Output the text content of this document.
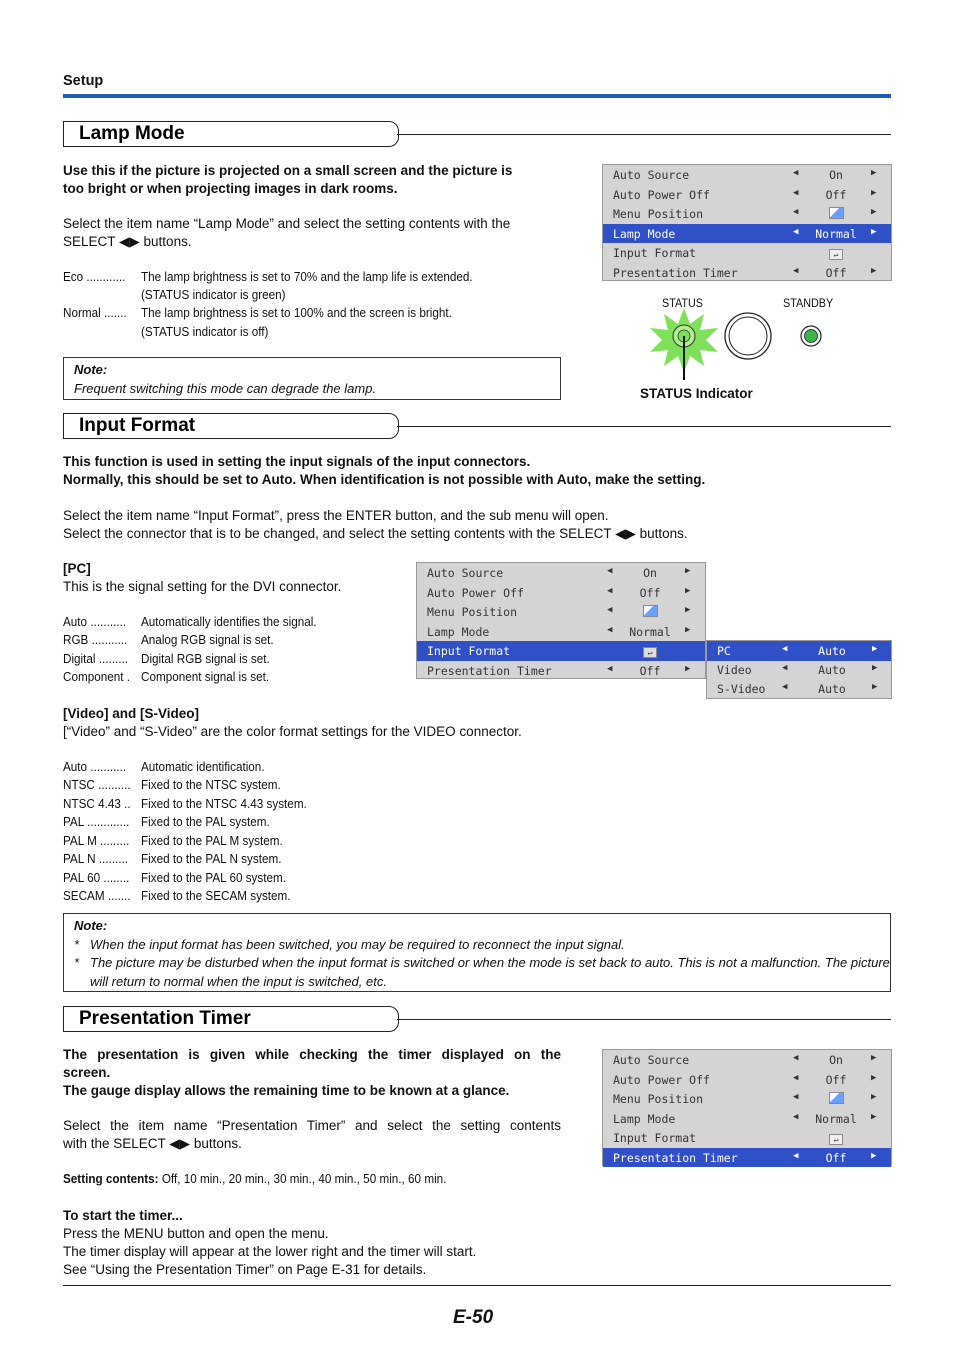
Setup
Lamp Mode
Use this if the picture is projected on a small screen and the picture is
too bright or when projecting images in dark rooms.
Select the item name “Lamp Mode” and select the setting contents with the
SELECT ◀▶ buttons.
Eco ............ The lamp brightness is set to 70% and the lamp life is extended.
(STATUS indicator is green)
Normal ....... The lamp brightness is set to 100% and the screen is bright.
(STATUS indicator is off)
Note:
Frequent switching this mode can degrade the lamp.
Auto Source	◀	On	▶
Auto Power Off	◀	Off	▶
Menu Position	◀	▶
Lamp Mode	◀	Normal	▶
Input Format	↵
Presentation Timer	◀	Off	▶
STATUS	STANDBY
STATUS Indicator
Input Format
This function is used in setting the input signals of the input connectors.
Normally, this should be set to Auto. When identification is not possible with Auto, make the setting.
Select the item name “Input Format”, press the ENTER button, and the sub menu will open.
Select the connector that is to be changed, and select the setting contents with the SELECT ◀▶ buttons.
[PC]
This is the signal setting for the DVI connector.
Auto ........... Automatically identifies the signal.
RGB ........... Analog RGB signal is set.
Digital ......... Digital RGB signal is set.
Component . Component signal is set.
Auto Source	◀	On	▶
Auto Power Off	◀	Off	▶
Menu Position	◀	▶
Lamp Mode	◀	Normal	▶
Input Format	↵
Presentation Timer	◀	Off	▶
PC	◀	Auto	▶
Video	◀	Auto	▶
S-Video ◀	Auto	▶
[Video] and [S-Video]
[“Video” and “S-Video” are the color format settings for the VIDEO connector.
Auto ........... Automatic identification.
NTSC .......... Fixed to the NTSC system.
NTSC 4.43 .. Fixed to the NTSC 4.43 system.
PAL ............. Fixed to the PAL system.
PAL M ......... Fixed to the PAL M system.
PAL N ......... Fixed to the PAL N system.
PAL 60 ........ Fixed to the PAL 60 system.
SECAM ....... Fixed to the SECAM system.
Note:
* When the input format has been switched, you may be required to reconnect the input signal.
* The picture may be disturbed when the input format is switched or when the mode is set back to auto. This is not a malfunction. The picture
will return to normal when the input is switched, etc.
Presentation Timer
The presentation is given while checking the timer displayed on the
screen.
The gauge display allows the remaining time to be known at a glance.
Select the item name “Presentation Timer” and select the setting contents
with the SELECT ◀▶ buttons.
Setting contents: Off, 10 min., 20 min., 30 min., 40 min., 50 min., 60 min.
To start the timer...
Press the MENU button and open the menu.
The timer display will appear at the lower right and the timer will start.
See “Using the Presentation Timer” on Page E-31 for details.
Auto Source	◀	On	▶
Auto Power Off	◀	Off	▶
Menu Position	◀	▶
Lamp Mode	◀	Normal	▶
Input Format	↵
Presentation Timer	◀	Off	▶
E-50
